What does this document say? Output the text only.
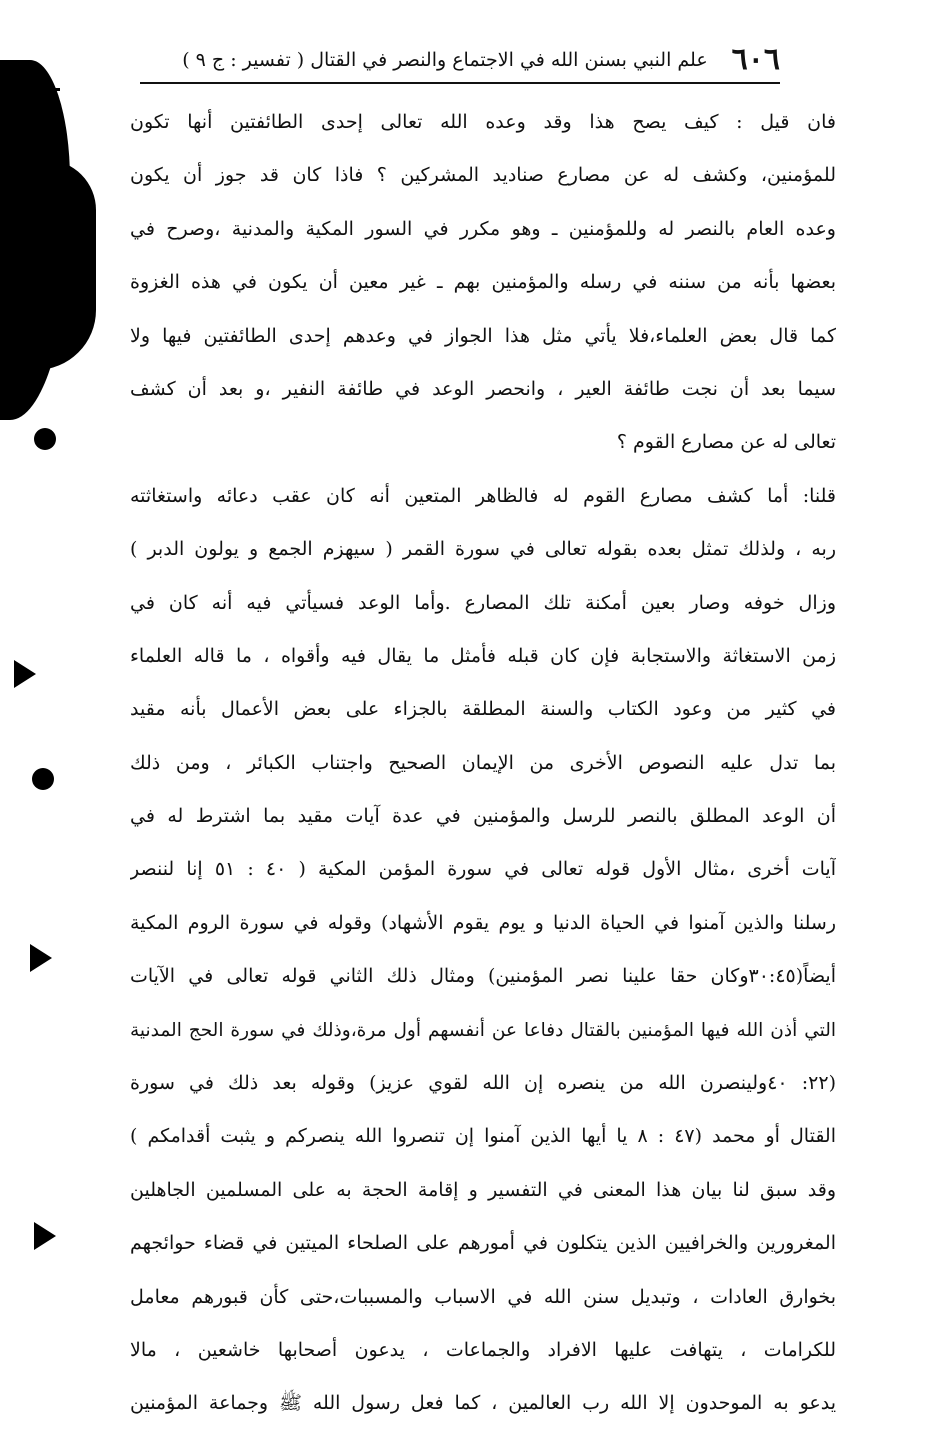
٦٠٦
علم النبي بسنن الله في الاجتماع والنصر في القتال ( تفسير : ج ٩ )
فان قيل : كيف يصح هذا وقد وعده الله تعالى إحدى الطائفتين أنها تكون
للمؤمنين، وكشف له عن مصارع صناديد المشركين ؟ فاذا كان قد جوز أن يكون
وعده العام بالنصر له وللمؤمنين ـ وهو مكرر في السور المكية والمدنية ،وصرح في
بعضها بأنه من سننه في رسله والمؤمنين بهم ـ غير معين أن يكون في هذه الغزوة
كما قال بعض العلماء،فلا يأتي مثل هذا الجواز في وعدهم إحدى الطائفتين فيها ولا
سيما بعد أن نجت طائفة العير ، وانحصر الوعد في طائفة النفير ،و بعد أن كشف
تعالى له عن مصارع القوم ؟
قلنا: أما كشف مصارع القوم له فالظاهر المتعين أنه كان عقب دعائه واستغاثته
ربه ، ولذلك تمثل بعده بقوله تعالى في سورة القمر ( سيهزم الجمع و يولون الدبر )
وزال خوفه وصار بعين أمكنة تلك المصارع .وأما الوعد فسيأتي فيه أنه كان في
زمن الاستغاثة والاستجابة فإن كان قبله فأمثل ما يقال فيه وأقواه ، ما قاله العلماء
في كثير من وعود الكتاب والسنة المطلقة بالجزاء على بعض الأعمال بأنه مقيد
بما تدل عليه النصوص الأخرى من الإيمان الصحيح واجتناب الكبائر ، ومن ذلك
أن الوعد المطلق بالنصر للرسل والمؤمنين في عدة آيات مقيد بما اشترط له في
آيات أخرى ،مثال الأول قوله تعالى في سورة المؤمن المكية ( ٤٠ : ٥١ إنا لننصر
رسلنا والذين آمنوا في الحياة الدنيا و يوم يقوم الأشهاد) وقوله في سورة الروم المكية
أيضاً(٣٠:٤٥وكان حقا علينا نصر المؤمنين) ومثال ذلك الثاني قوله تعالى في الآيات
التي أذن الله فيها المؤمنين بالقتال دفاعا عن أنفسهم أول مرة،وذلك في سورة الحج المدنية
(٢٢: ٤٠ولينصرن الله من ينصره إن الله لقوي عزيز) وقوله بعد ذلك في سورة
القتال أو محمد (٤٧ : ٨ يا أيها الذين آمنوا إن تنصروا الله ينصركم و يثبت أقدامكم )
وقد سبق لنا بيان هذا المعنى في التفسير و إقامة الحجة به على المسلمين الجاهلين
المغرورين والخرافيين الذين يتكلون في أمورهم على الصلحاء الميتين في قضاء حوائجهم
بخوارق العادات ، وتبديل سنن الله في الاسباب والمسببات،حتى كأن قبورهم معامل
للكرامات ، يتهافت عليها الافراد والجماعات ، يدعون أصحابها خاشعين ، مالا
يدعو به الموحدون إلا الله رب العالمين ، كما فعل رسول الله ﷺ وجماعة المؤمنين
